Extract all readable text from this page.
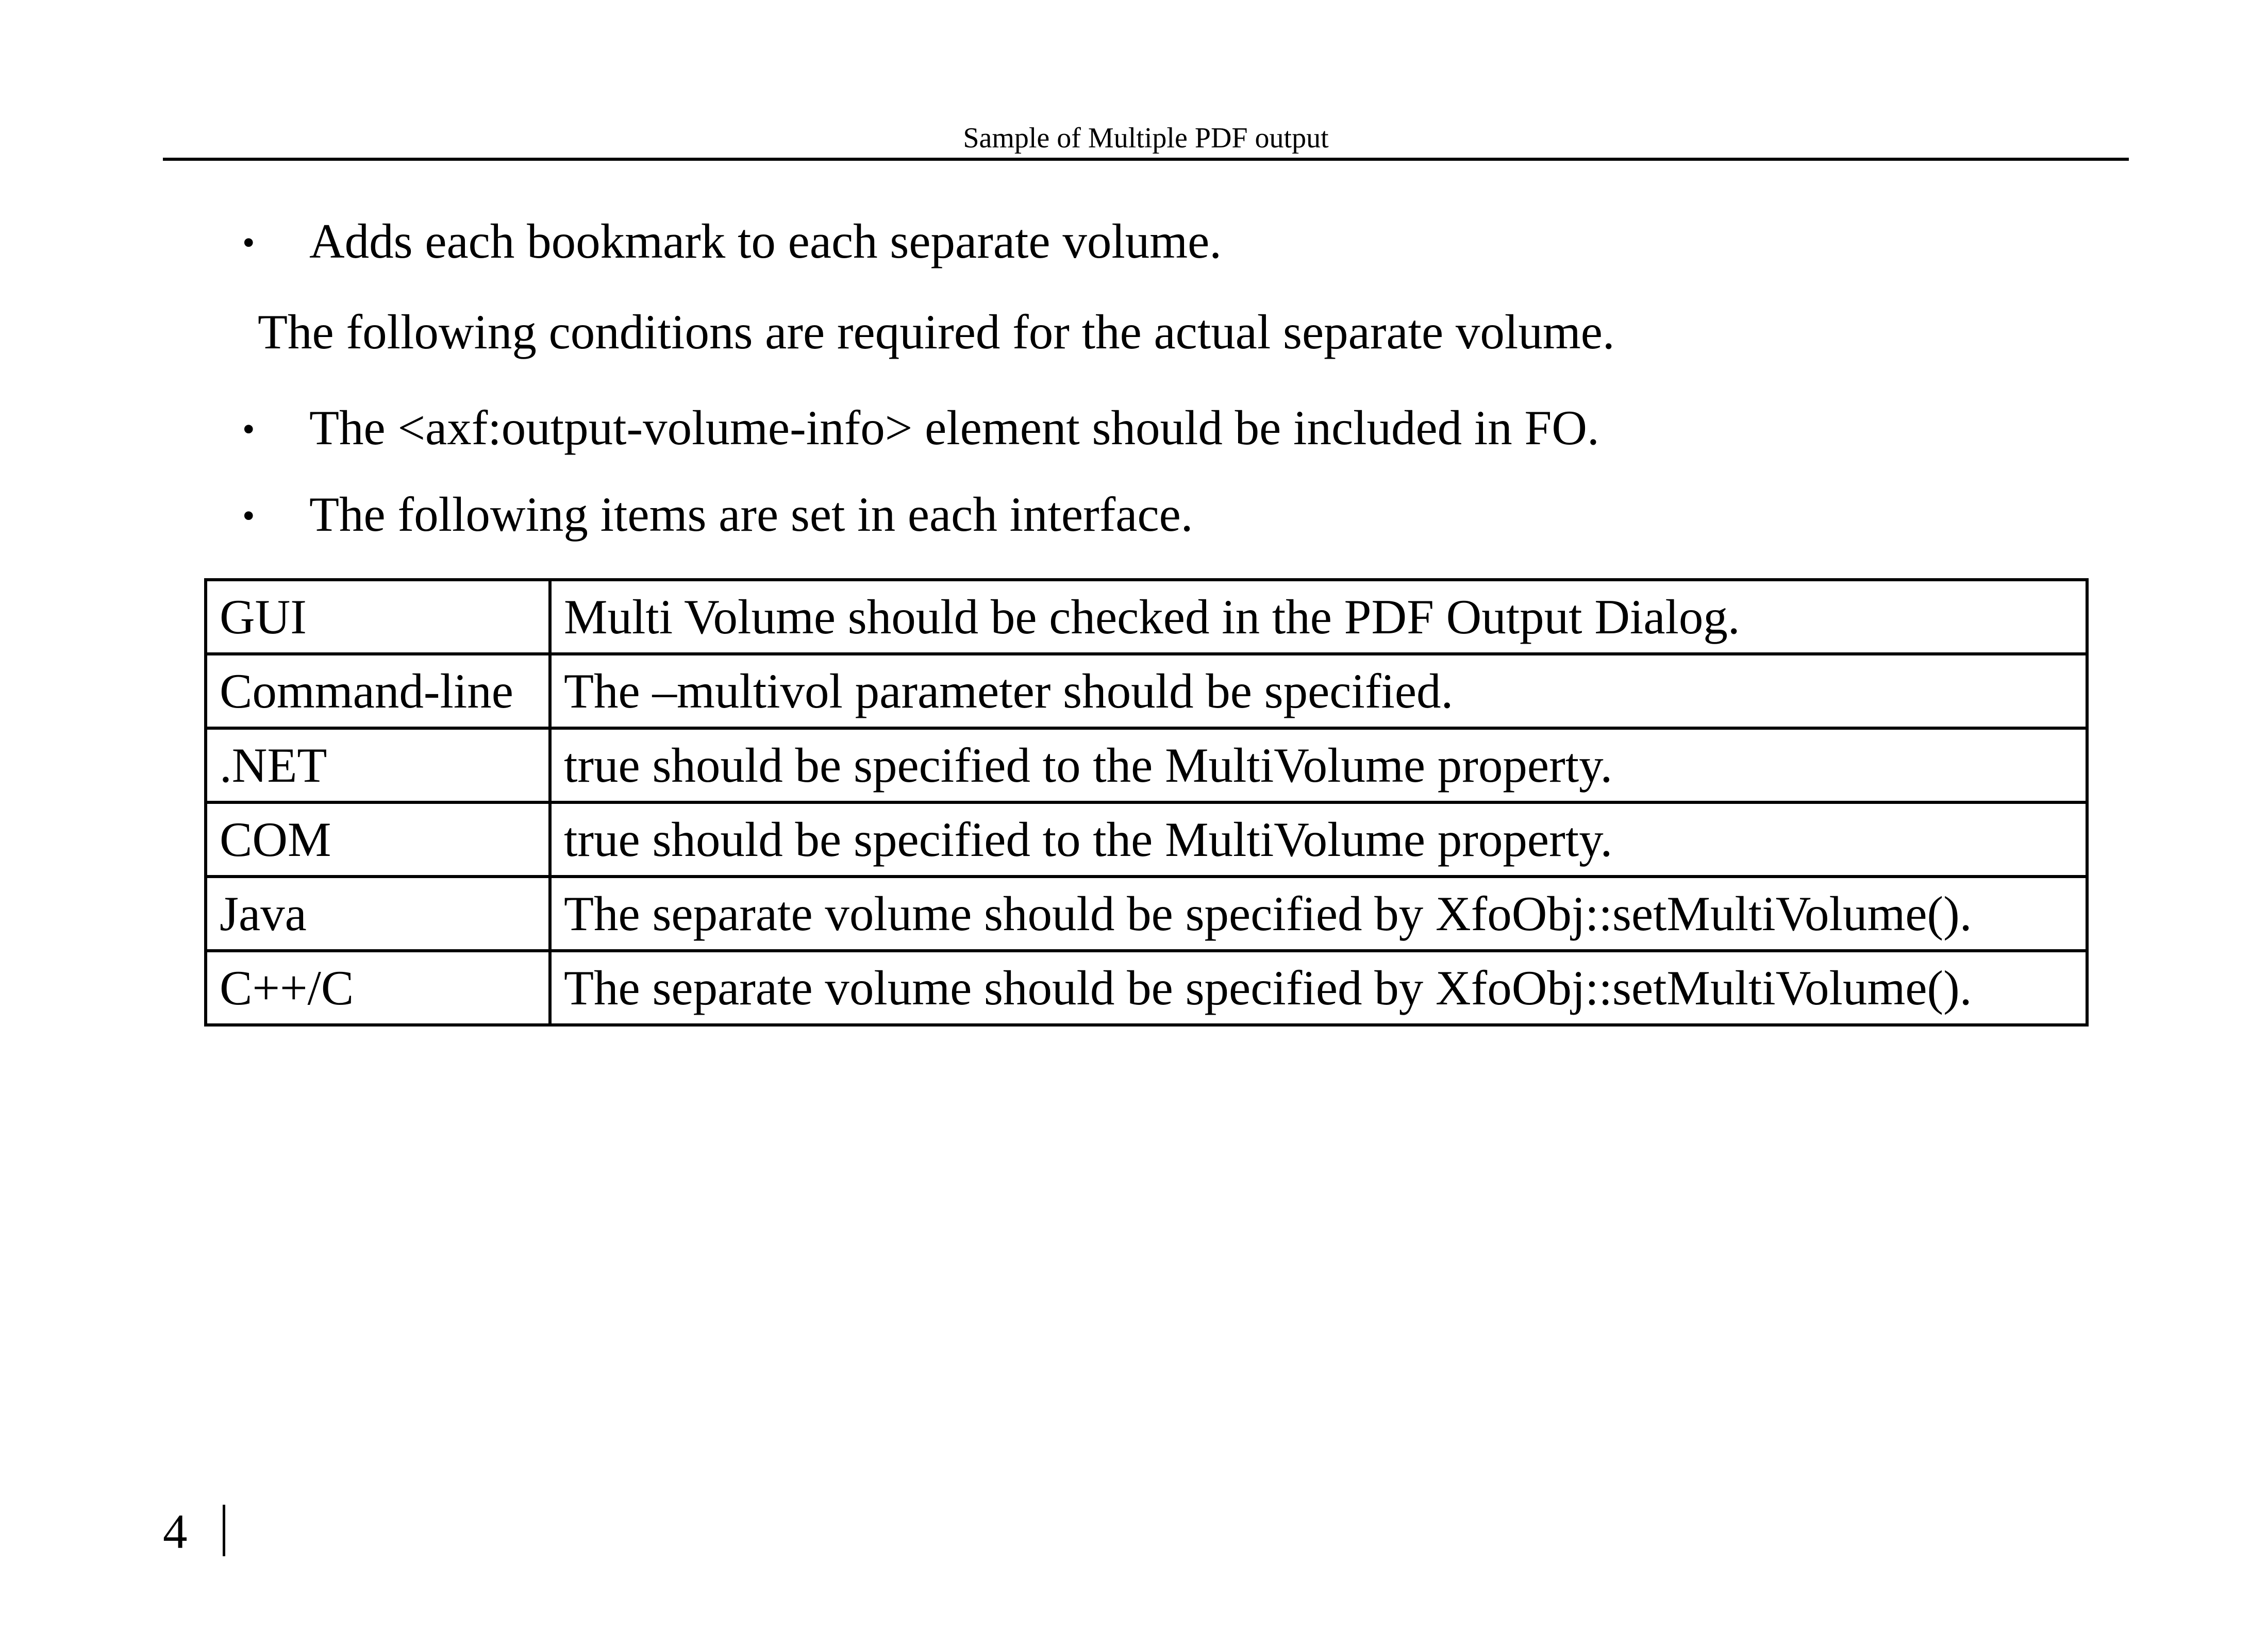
Sample of Multiple PDF output
• Adds each bookmark to each separate volume.
The following conditions are required for the actual separate volume.
• The <axf:output-volume-info> element should be included in FO.
• The following items are set in each interface.
GUI	Multi Volume should be checked in the PDF Output Dialog.
Command-line	The –multivol parameter should be specified.
.NET	true should be specified to the MultiVolume property.
COM	true should be specified to the MultiVolume property.
Java	The separate volume should be specified by XfoObj::setMultiVolume().
C++/C	The separate volume should be specified by XfoObj::setMultiVolume().
4
